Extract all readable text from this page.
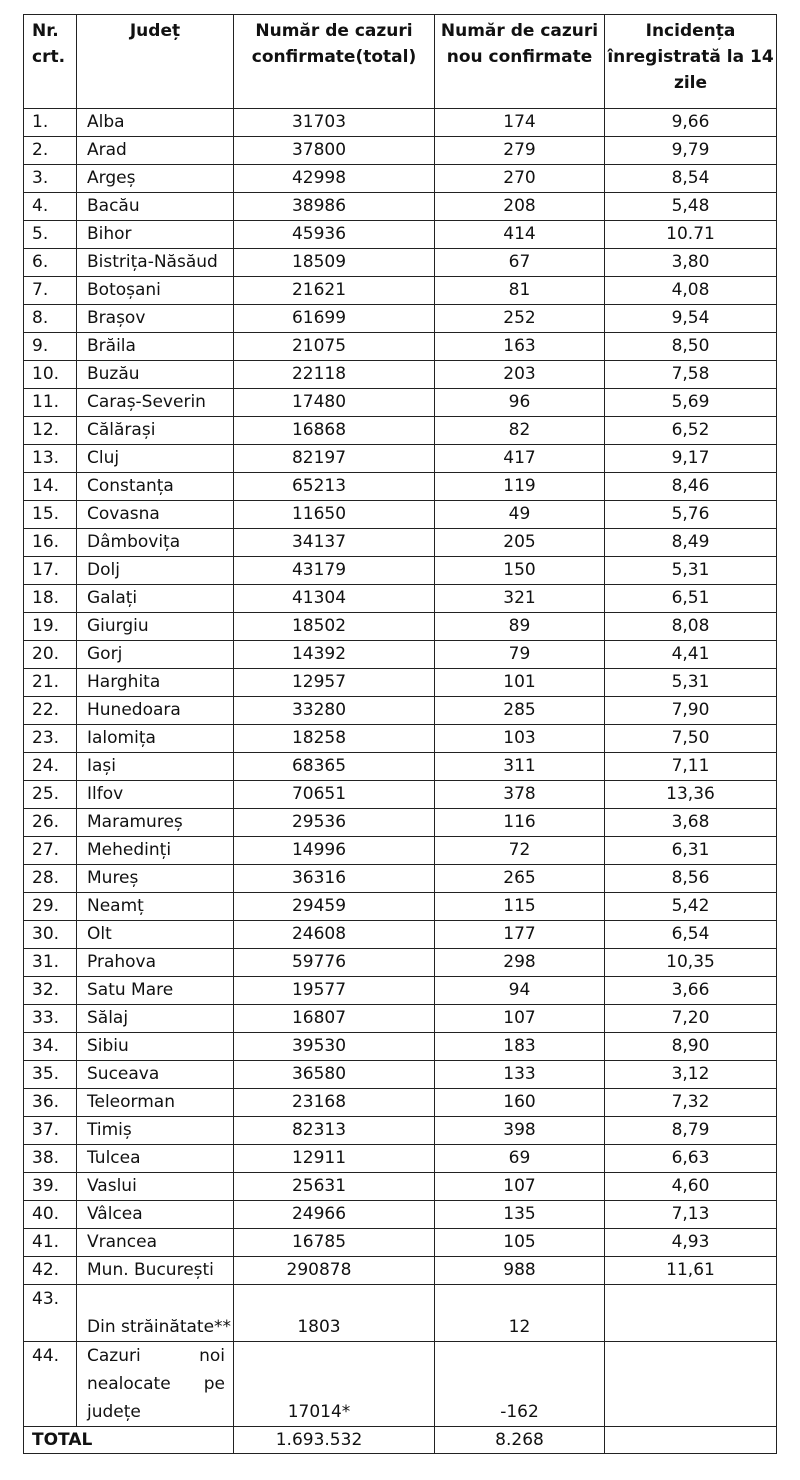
Nr. crt.	Județ	Număr de cazuri confirmate(total)	Număr de cazuri nou confirmate	Incidența înregistrată la 14 zile
1.	Alba	31703	174	9,66
2.	Arad	37800	279	9,79
3.	Argeș	42998	270	8,54
4.	Bacău	38986	208	5,48
5.	Bihor	45936	414	10.71
6.	Bistrița-Năsăud	18509	67	3,80
7.	Botoșani	21621	81	4,08
8.	Brașov	61699	252	9,54
9.	Brăila	21075	163	8,50
10.	Buzău	22118	203	7,58
11.	Caraș-Severin	17480	96	5,69
12.	Călărași	16868	82	6,52
13.	Cluj	82197	417	9,17
14.	Constanța	65213	119	8,46
15.	Covasna	11650	49	5,76
16.	Dâmbovița	34137	205	8,49
17.	Dolj	43179	150	5,31
18.	Galați	41304	321	6,51
19.	Giurgiu	18502	89	8,08
20.	Gorj	14392	79	4,41
21.	Harghita	12957	101	5,31
22.	Hunedoara	33280	285	7,90
23.	Ialomița	18258	103	7,50
24.	Iași	68365	311	7,11
25.	Ilfov	70651	378	13,36
26.	Maramureș	29536	116	3,68
27.	Mehedinți	14996	72	6,31
28.	Mureș	36316	265	8,56
29.	Neamț	29459	115	5,42
30.	Olt	24608	177	6,54
31.	Prahova	59776	298	10,35
32.	Satu Mare	19577	94	3,66
33.	Sălaj	16807	107	7,20
34.	Sibiu	39530	183	8,90
35.	Suceava	36580	133	3,12
36.	Teleorman	23168	160	7,32
37.	Timiș	82313	398	8,79
38.	Tulcea	12911	69	6,63
39.	Vaslui	25631	107	4,60
40.	Vâlcea	24966	135	7,13
41.	Vrancea	16785	105	4,93
42.	Mun. București	290878	988	11,61
43.	Din străinătate**	1803	12	
44.	Cazuri noi nealocate pe județe	17014*	-162	
TOTAL		1.693.532	8.268	
